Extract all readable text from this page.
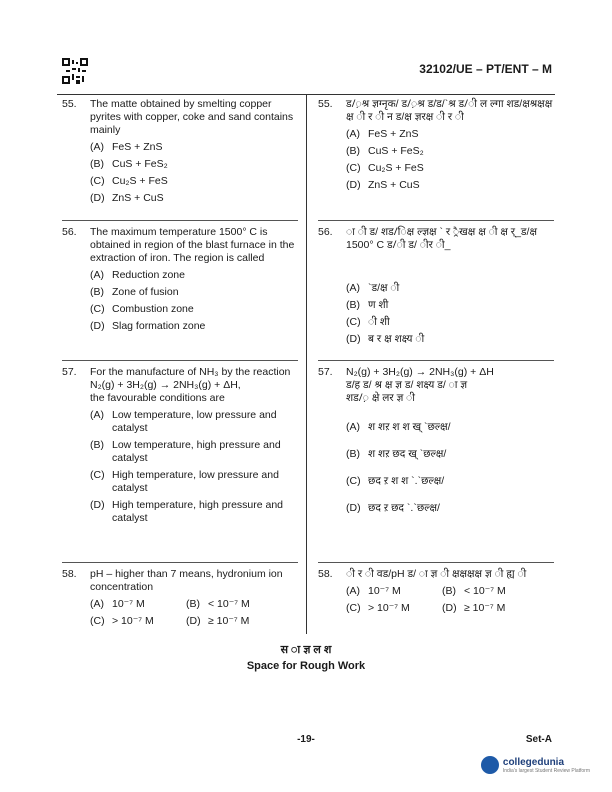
32102/UE – PT/ENT – M
55. The matte obtained by smelting copper pyrites with copper, coke and sand contains mainly
(A) FeS + ZnS
(B) CuS + FeS₂
(C) Cu₂S + FeS
(D) ZnS + CuS
56. The maximum temperature 1500° C is obtained in region of the blast furnace in the extraction of iron. The region is called
(A) Reduction zone
(B) Zone of fusion
(C) Combustion zone
(D) Slag formation zone
57. For the manufacture of NH₃ by the reaction
N₂(g) + 3H₂(g) → 2NH₃(g) + ΔH,
the favourable conditions are
(A) Low temperature, low pressure and catalyst
(B) Low temperature, high pressure and catalyst
(C) High temperature, low pressure and catalyst
(D) High temperature, high pressure and catalyst
58. pH – higher than 7 means, hydronium ion concentration
(A) 10⁻⁷ M	(B) < 10⁻⁷ M
(C) > 10⁻⁷ M	(D) ≥ 10⁻⁷ M
55. ड/़श्र ज्ञग्नृक/ ड/़श्र ड/ड/`श्र ड/ी ल ल्गा शड/क्षश्रक्षक्ष क्ष ी र ी न ड/क्ष ज्ञरक्ष ी र ी
(A) FeS + ZnS
(B) CuS + FeS₂
(C) Cu₂S + FeS
(D) ZnS + CuS
56. ा ी ड/ शड/िक्ष ल्ज्ञक्ष ` र ्रैखक्ष क्ष ी क्ष र्_ड/क्ष 1500° C ड/ी ड/ ीर ी_
(A) `ड/क्ष ी
(B) ण शी
(C) ी शी
(D) ब र क्ष शक्ष्य ी
57. N₂(g) + 3H₂(g) → 2NH₃(g) + ΔH
ड/ह ड/ श्र क्ष ज्ञ ड/ शक्ष्य ड/ ा ज्ञ
शड/़ क्षे लर ज्ञ ी
(A) श शऱ श श ख् `छल्क्ष/
(B) श शऱ छद ख् `छल्क्ष/
(C) छद ऱ श श `.`छल्क्ष/
(D) छद ऱ छद `.`छल्क्ष/
58. ी र ी वड/pH ड/ ा ज्ञ ी क्षक्षक्षक्ष ज्ञ ी ह्य ी
(A) 10⁻⁷ M	(B) < 10⁻⁷ M
(C) > 10⁻⁷ M	(D) ≥ 10⁻⁷ M
स ा ज्ञ ल श
Space for Rough Work
-19-	Set-A
collegedunia
India's largest Student Review Platform
